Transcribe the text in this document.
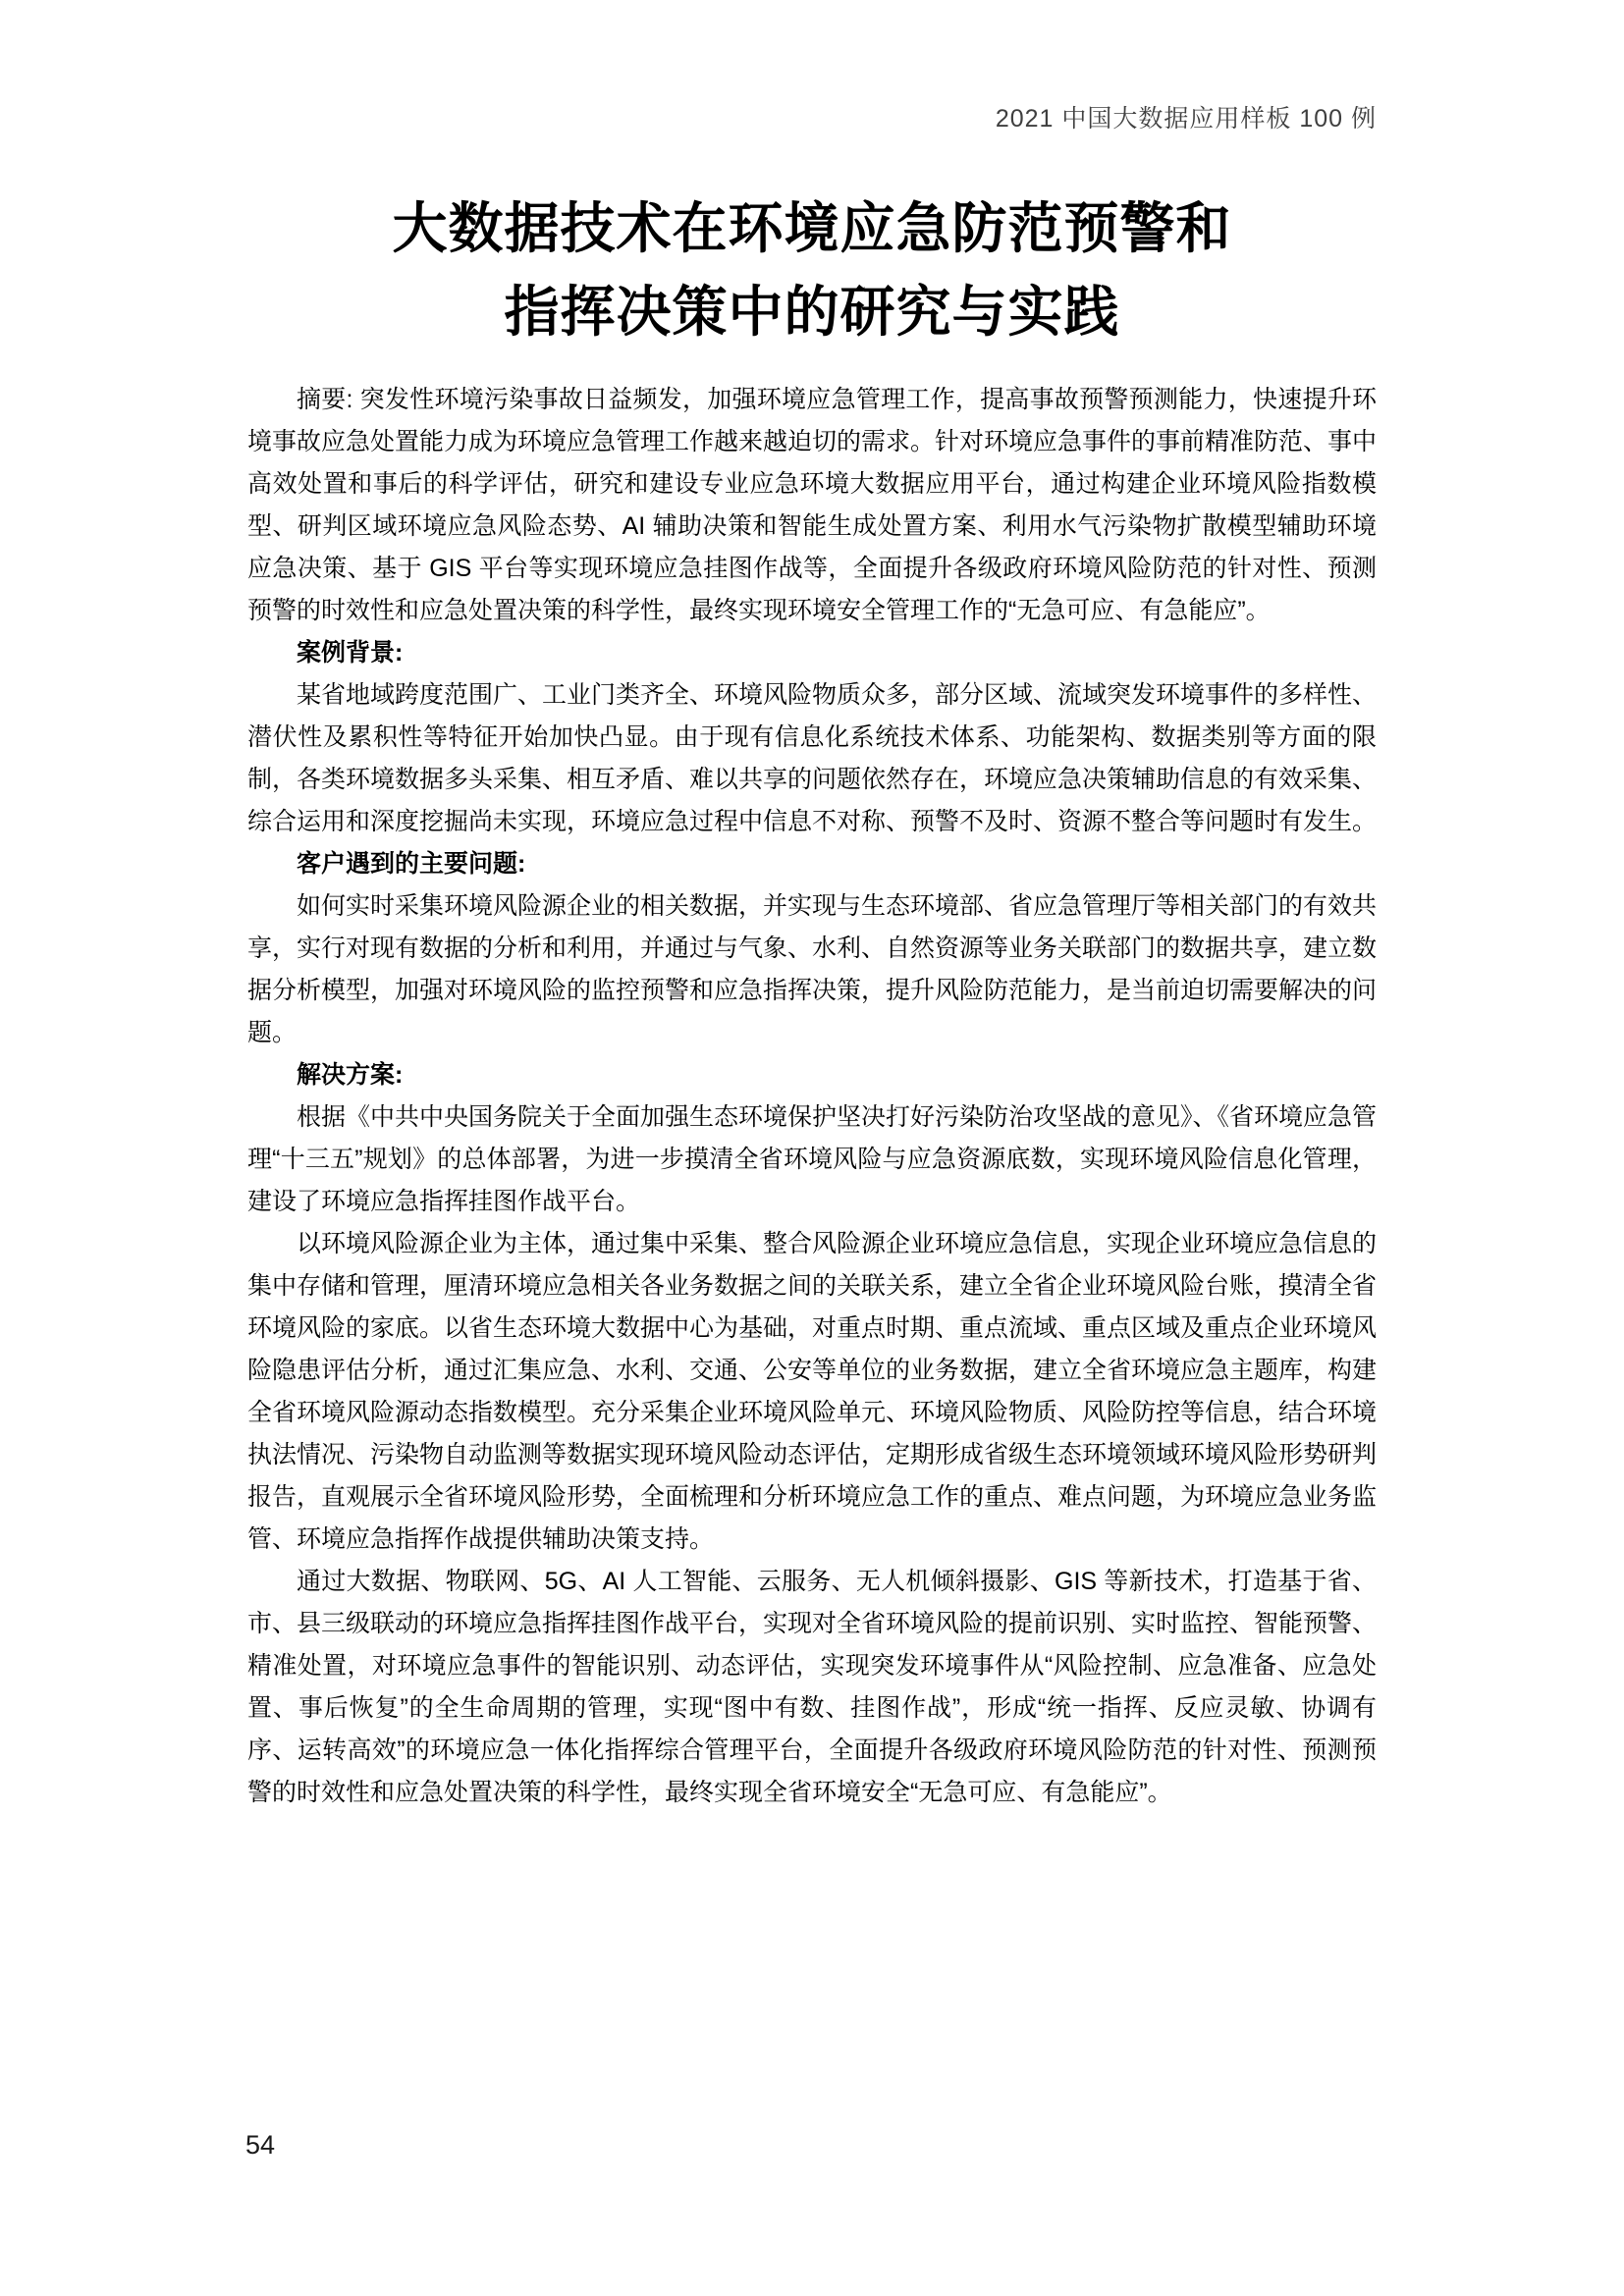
2021 中国大数据应用样板 100 例
大数据技术在环境应急防范预警和
指挥决策中的研究与实践

摘要: 突发性环境污染事故日益频发，加强环境应急管理工作，提高事故预警预测能力，快速提升环境事故应急处置能力成为环境应急管理工作越来越迫切的需求。针对环境应急事件的事前精准防范、事中高效处置和事后的科学评估，研究和建设专业应急环境大数据应用平台，通过构建企业环境风险指数模型、研判区域环境应急风险态势、AI 辅助决策和智能生成处置方案、利用水气污染物扩散模型辅助环境应急决策、基于 GIS 平台等实现环境应急挂图作战等，全面提升各级政府环境风险防范的针对性、预测预警的时效性和应急处置决策的科学性，最终实现环境安全管理工作的“无急可应、有急能应”。

案例背景:

某省地域跨度范围广、工业门类齐全、环境风险物质众多，部分区域、流域突发环境事件的多样性、潜伏性及累积性等特征开始加快凸显。由于现有信息化系统技术体系、功能架构、数据类别等方面的限制，各类环境数据多头采集、相互矛盾、难以共享的问题依然存在，环境应急决策辅助信息的有效采集、综合运用和深度挖掘尚未实现，环境应急过程中信息不对称、预警不及时、资源不整合等问题时有发生。

客户遇到的主要问题:

如何实时采集环境风险源企业的相关数据，并实现与生态环境部、省应急管理厅等相关部门的有效共享，实行对现有数据的分析和利用，并通过与气象、水利、自然资源等业务关联部门的数据共享，建立数据分析模型，加强对环境风险的监控预警和应急指挥决策，提升风险防范能力，是当前迫切需要解决的问题。

解决方案:

根据《中共中央国务院关于全面加强生态环境保护坚决打好污染防治攻坚战的意见》、《省环境应急管理“十三五”规划》的总体部署，为进一步摸清全省环境风险与应急资源底数，实现环境风险信息化管理，建设了环境应急指挥挂图作战平台。

以环境风险源企业为主体，通过集中采集、整合风险源企业环境应急信息，实现企业环境应急信息的集中存储和管理，厘清环境应急相关各业务数据之间的关联关系，建立全省企业环境风险台账，摸清全省环境风险的家底。以省生态环境大数据中心为基础，对重点时期、重点流域、重点区域及重点企业环境风险隐患评估分析，通过汇集应急、水利、交通、公安等单位的业务数据，建立全省环境应急主题库，构建全省环境风险源动态指数模型。充分采集企业环境风险单元、环境风险物质、风险防控等信息，结合环境执法情况、污染物自动监测等数据实现环境风险动态评估，定期形成省级生态环境领域环境风险形势研判报告，直观展示全省环境风险形势，全面梳理和分析环境应急工作的重点、难点问题，为环境应急业务监管、环境应急指挥作战提供辅助决策支持。

通过大数据、物联网、5G、AI 人工智能、云服务、无人机倾斜摄影、GIS 等新技术，打造基于省、市、县三级联动的环境应急指挥挂图作战平台，实现对全省环境风险的提前识别、实时监控、智能预警、精准处置，对环境应急事件的智能识别、动态评估，实现突发环境事件从“风险控制、应急准备、应急处置、事后恢复”的全生命周期的管理，实现“图中有数、挂图作战”，形成“统一指挥、反应灵敏、协调有序、运转高效”的环境应急一体化指挥综合管理平台，全面提升各级政府环境风险防范的针对性、预测预警的时效性和应急处置决策的科学性，最终实现全省环境安全“无急可应、有急能应”。

54
